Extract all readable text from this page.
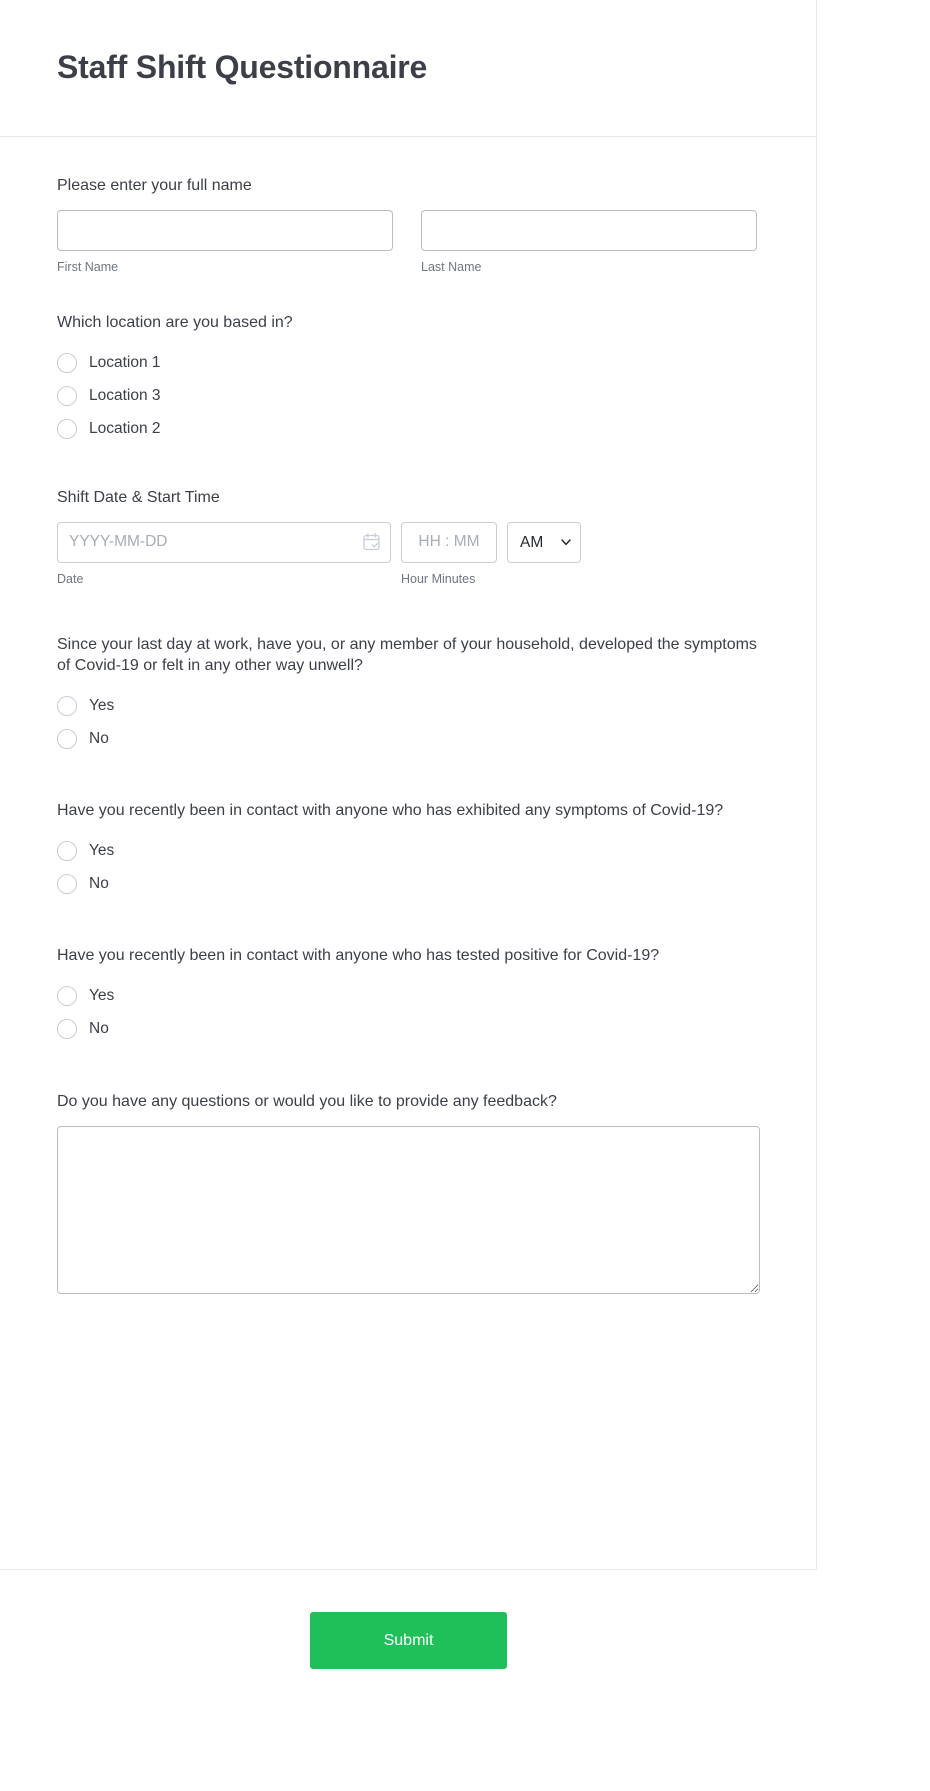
Staff Shift Questionnaire
Please enter your full name
First Name	Last Name
Which location are you based in?
Location 1
Location 3
Location 2
Shift Date & Start Time
YYYY-MM-DD
HH : MM
AM
Date	Hour Minutes
Since your last day at work, have you, or any member of your household, developed the symptoms of Covid-19 or felt in any other way unwell?
Yes
No
Have you recently been in contact with anyone who has exhibited any symptoms of Covid-19?
Yes
No
Have you recently been in contact with anyone who has tested positive for Covid-19?
Yes
No
Do you have any questions or would you like to provide any feedback?
Submit
